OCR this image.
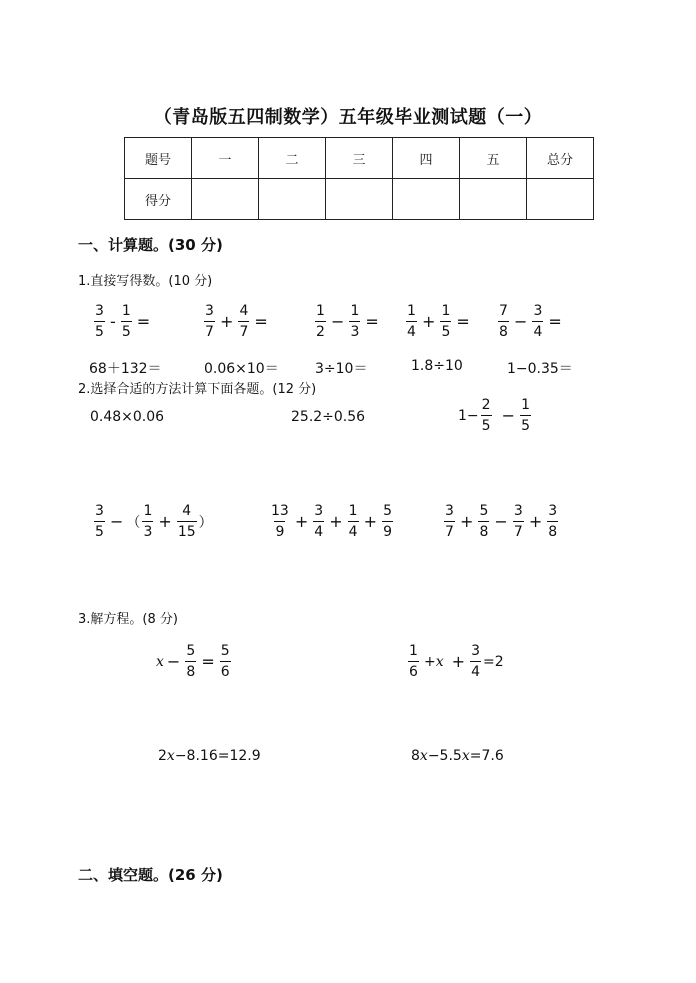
（青岛版五四制数学）五年级毕业测试题（一）
题号	一	二	三	四	五	总分
得分						
一、计算题。(30 分)
1.直接写得数。(10 分)
$\frac{3}{5} - \frac{1}{5}$ =	$\frac{3}{7} + \frac{4}{7}$ =	$\frac{1}{2} - \frac{1}{3} = \frac{1}{4} + \frac{1}{5} = \frac{7}{8} - \frac{3}{4}$ =
68＋132＝	0.06×10＝	3÷10＝	1.8÷10	1−0.35＝
2.选择合适的方法计算下面各题。(12 分)
0.48×0.06	25.2÷0.56	$1- \frac{2}{5} - \frac{1}{5}$
$\frac{3}{5}$ − （ $\frac{1}{3} + \frac{4}{15}$ ）	$\frac{13}{9} + \frac{3}{4} + \frac{1}{4} + \frac{5}{9}$	$\frac{3}{7} + \frac{5}{8} - \frac{3}{7} + \frac{3}{8}$
3.解方程。(8 分)
$x - \frac{5}{8} = \frac{5}{6}$	$\frac{1}{6} + x + \frac{3}{4} =2$
2x−8.16=12.9	8x−5.5x=7.6
二、填空题。(26 分)
